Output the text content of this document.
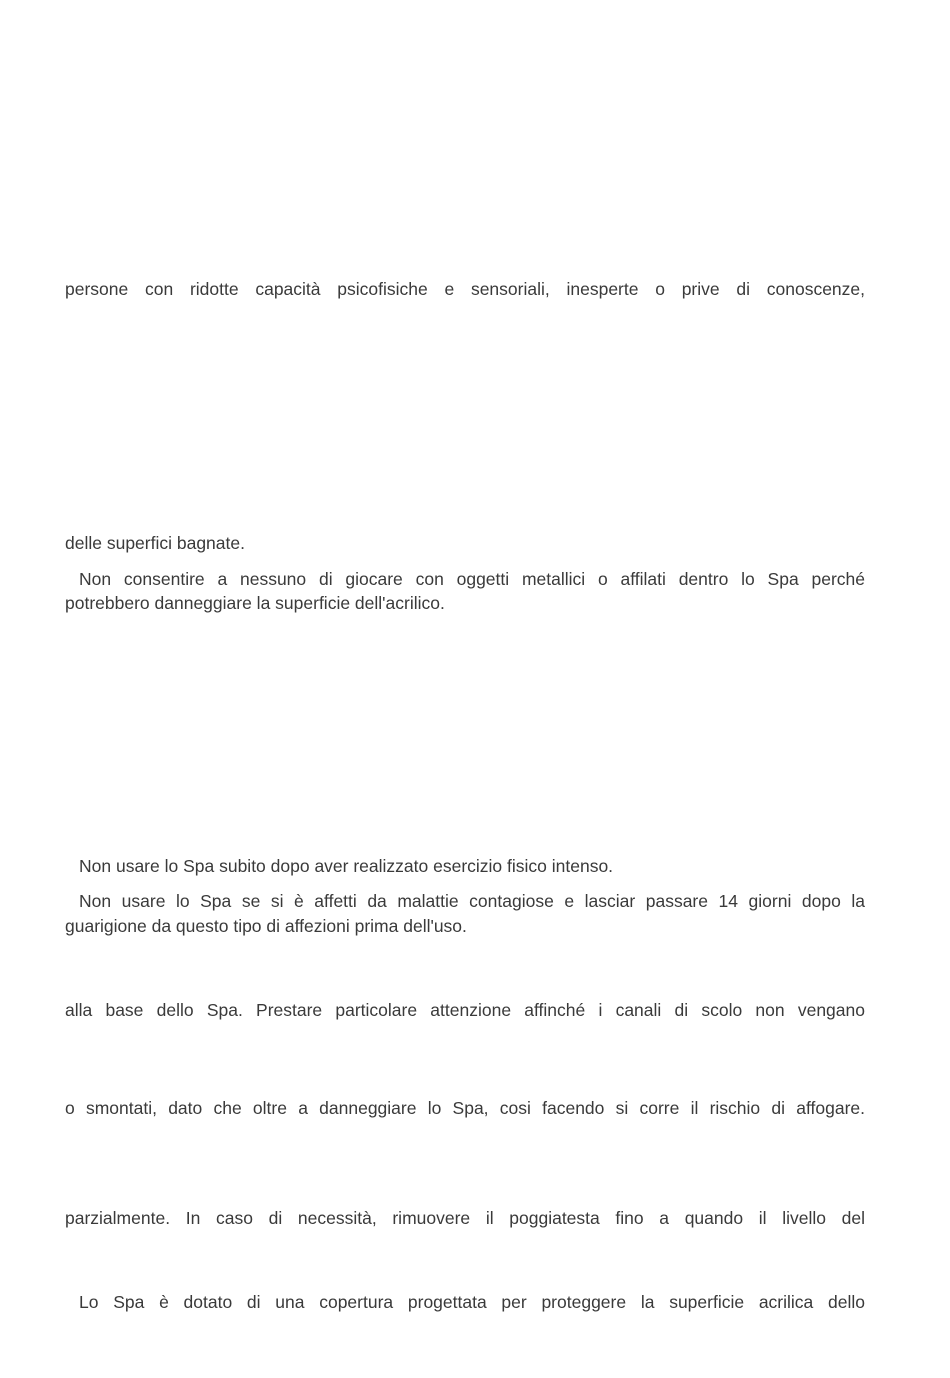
persone con ridotte capacità psicofisiche e sensoriali, inesperte o prive di conoscenze,

delle superfici bagnate.

Non consentire a nessuno di giocare con oggetti metallici o affilati dentro lo Spa perché

potrebbero danneggiare la superficie dell'acrilico.

Non usare lo Spa subito dopo aver realizzato esercizio fisico intenso.

Non usare lo Spa se si è affetti da malattie contagiose e lasciar passare 14 giorni dopo la

guarigione da questo tipo di affezioni prima dell'uso.

alla base dello Spa. Prestare particolare attenzione affinché i canali di scolo non vengano

o smontati, dato che oltre a danneggiare lo Spa, cosi facendo si corre il rischio di affogare.

parzialmente. In caso di necessità, rimuovere il poggiatesta fino a quando il livello del

Lo Spa è dotato di una copertura progettata per proteggere la superficie acrilica dello
